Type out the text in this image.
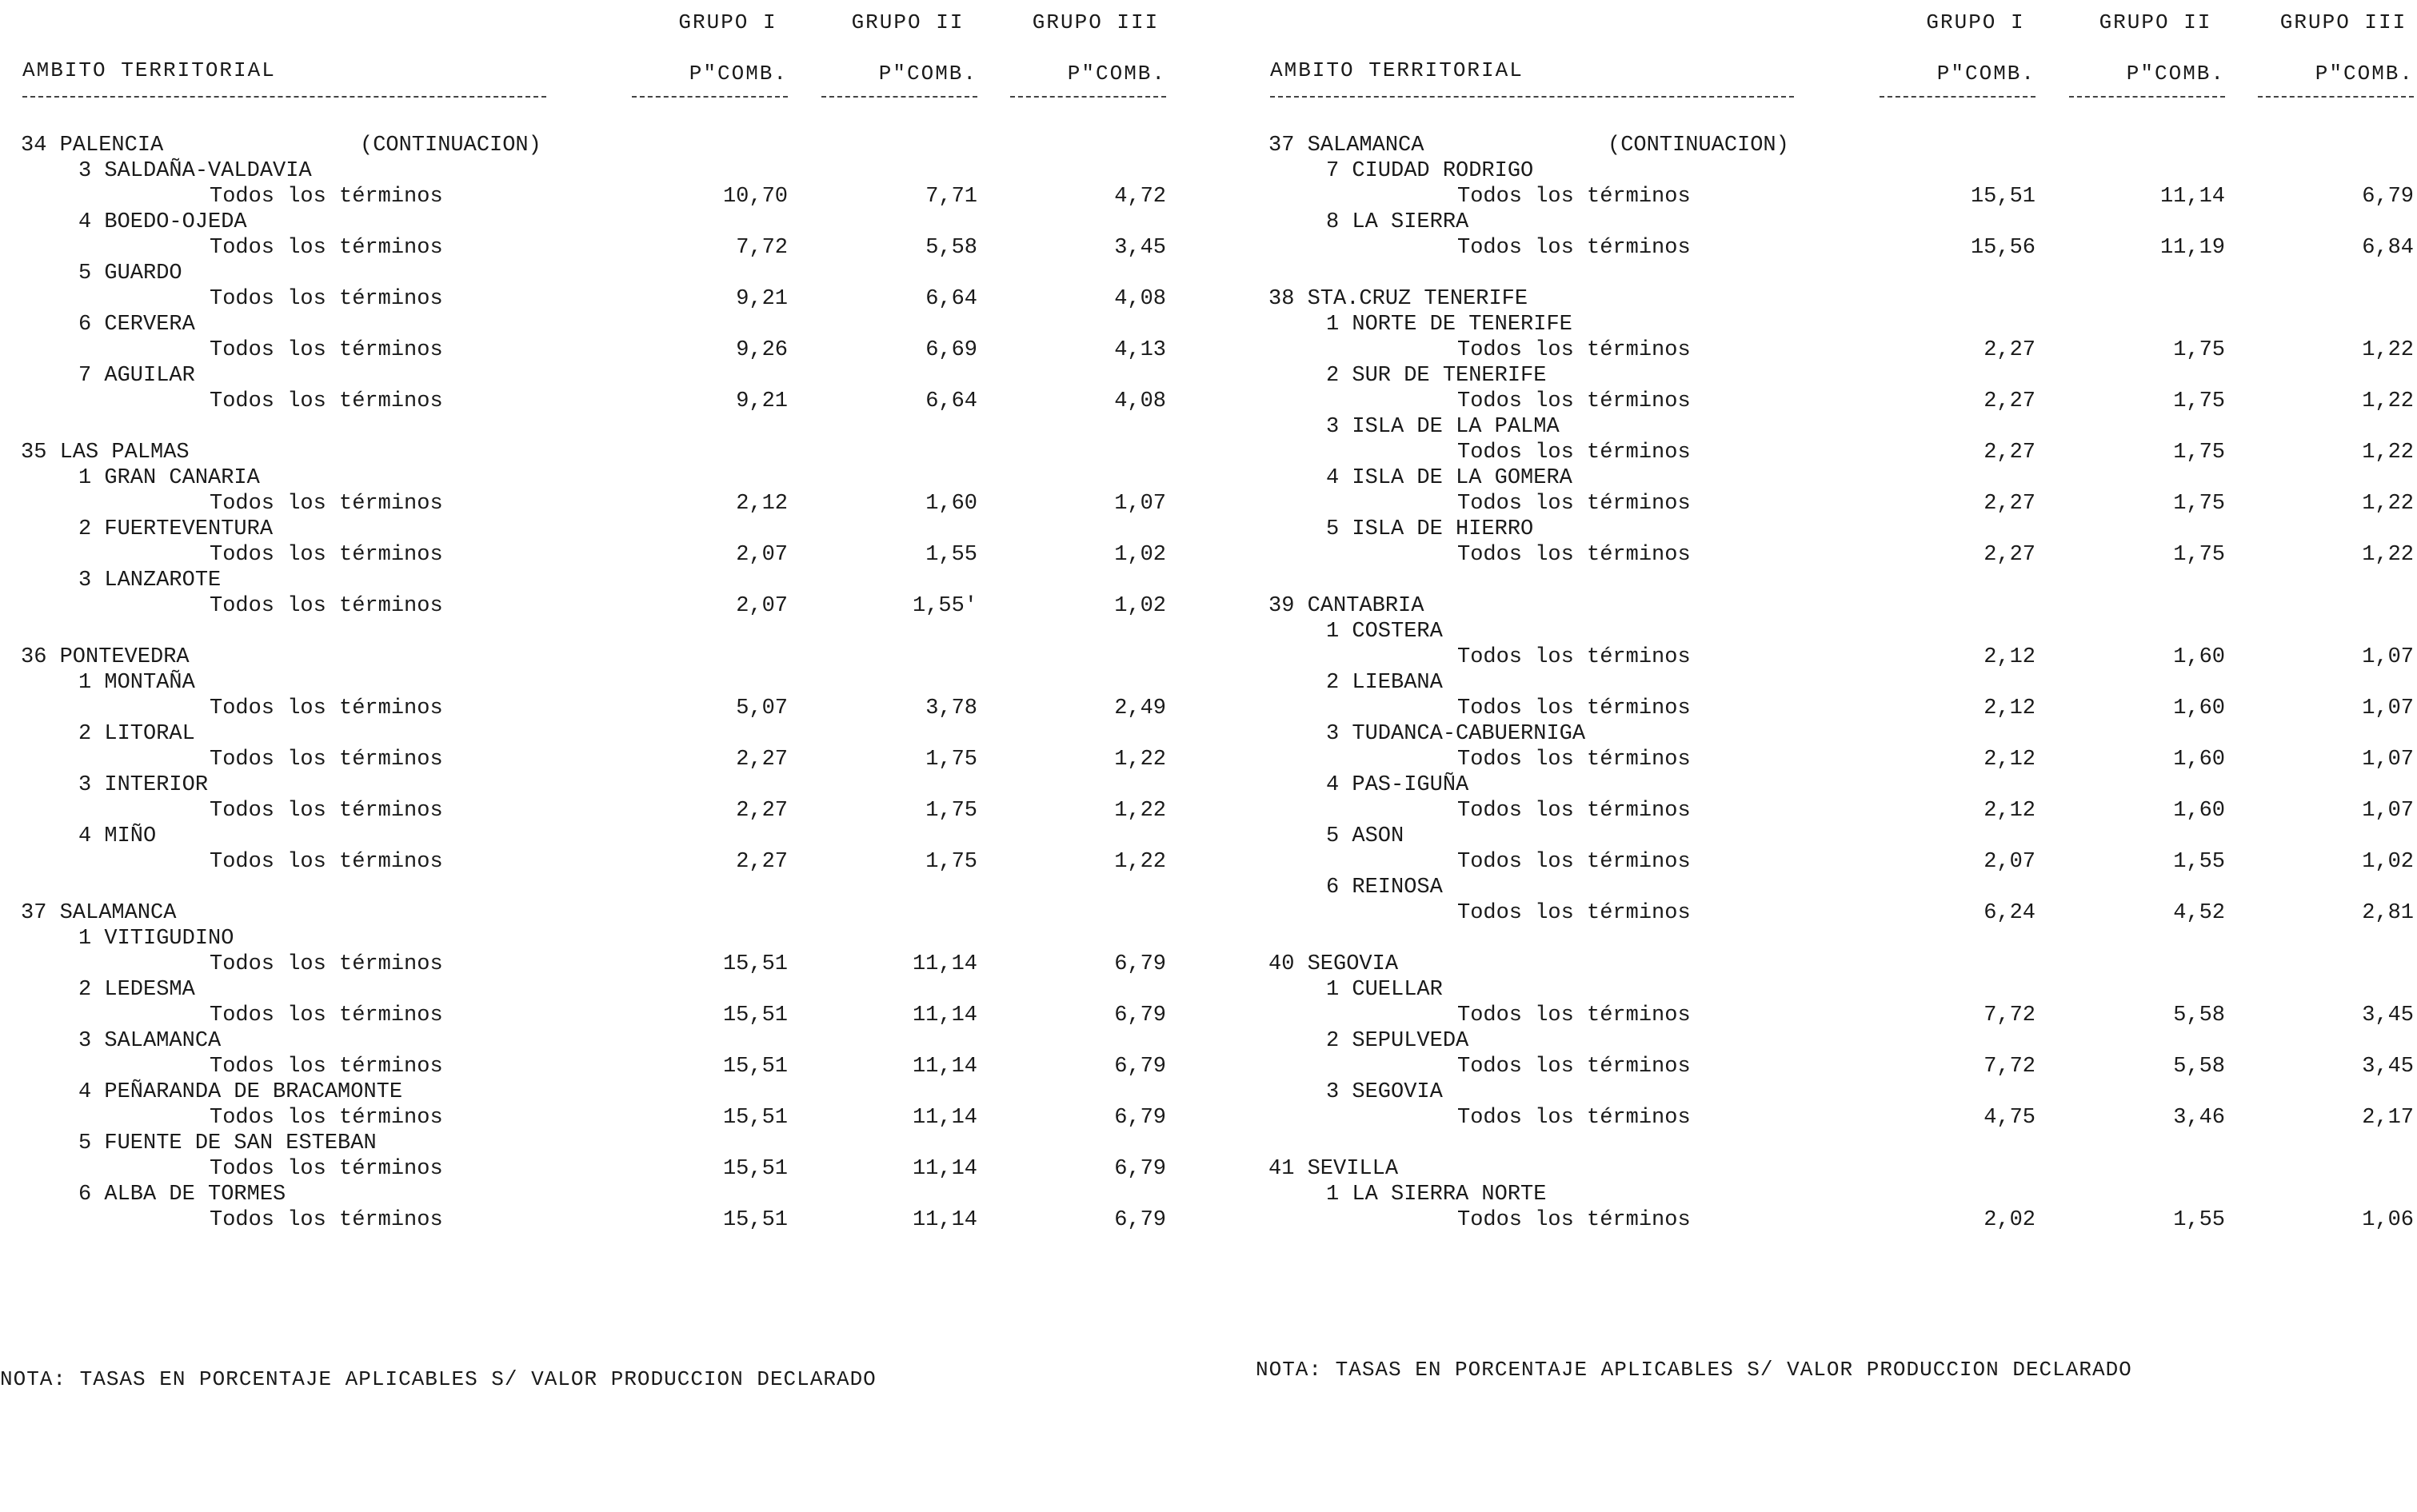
GRUPO I	GRUPO II	GRUPO III
AMBITO TERRITORIAL	P"COMB.	P"COMB.	P"COMB.
34 PALENCIA	(CONTINUACION)
3 SALDAÑA-VALDAVIA
Todos los términos	10,70	7,71	4,72
4 BOEDO-OJEDA
Todos los términos	7,72	5,58	3,45
5 GUARDO
Todos los términos	9,21	6,64	4,08
6 CERVERA
Todos los términos	9,26	6,69	4,13
7 AGUILAR
Todos los términos	9,21	6,64	4,08
35 LAS PALMAS
1 GRAN CANARIA
Todos los términos	2,12	1,60	1,07
2 FUERTEVENTURA
Todos los términos	2,07	1,55	1,02
3 LANZAROTE
Todos los términos	2,07	1,55'	1,02
36 PONTEVEDRA
1 MONTAÑA
Todos los términos	5,07	3,78	2,49
2 LITORAL
Todos los términos	2,27	1,75	1,22
3 INTERIOR
Todos los términos	2,27	1,75	1,22
4 MIÑO
Todos los términos	2,27	1,75	1,22
37 SALAMANCA
1 VITIGUDINO
Todos los términos	15,51	11,14	6,79
2 LEDESMA
Todos los términos	15,51	11,14	6,79
3 SALAMANCA
Todos los términos	15,51	11,14	6,79
4 PEÑARANDA DE BRACAMONTE
Todos los términos	15,51	11,14	6,79
5 FUENTE DE SAN ESTEBAN
Todos los términos	15,51	11,14	6,79
6 ALBA DE TORMES
Todos los términos	15,51	11,14	6,79
NOTA: TASAS EN PORCENTAJE APLICABLES S/ VALOR PRODUCCION DECLARADO
GRUPO I	GRUPO II	GRUPO III
AMBITO TERRITORIAL	P"COMB.	P"COMB.	P"COMB.
37 SALAMANCA	(CONTINUACION)
7 CIUDAD RODRIGO
Todos los términos	15,51	11,14	6,79
8 LA SIERRA
Todos los términos	15,56	11,19	6,84
38 STA.CRUZ TENERIFE
1 NORTE DE TENERIFE
Todos los términos	2,27	1,75	1,22
2 SUR DE TENERIFE
Todos los términos	2,27	1,75	1,22
3 ISLA DE LA PALMA
Todos los términos	2,27	1,75	1,22
4 ISLA DE LA GOMERA
Todos los términos	2,27	1,75	1,22
5 ISLA DE HIERRO
Todos los términos	2,27	1,75	1,22
39 CANTABRIA
1 COSTERA
Todos los términos	2,12	1,60	1,07
2 LIEBANA
Todos los términos	2,12	1,60	1,07
3 TUDANCA-CABUERNIGA
Todos los términos	2,12	1,60	1,07
4 PAS-IGUÑA
Todos los términos	2,12	1,60	1,07
5 ASON
Todos los términos	2,07	1,55	1,02
6 REINOSA
Todos los términos	6,24	4,52	2,81
40 SEGOVIA
1 CUELLAR
Todos los términos	7,72	5,58	3,45
2 SEPULVEDA
Todos los términos	7,72	5,58	3,45
3 SEGOVIA
Todos los términos	4,75	3,46	2,17
41 SEVILLA
1 LA SIERRA NORTE
Todos los términos	2,02	1,55	1,06
NOTA: TASAS EN PORCENTAJE APLICABLES S/ VALOR PRODUCCION DECLARADO
